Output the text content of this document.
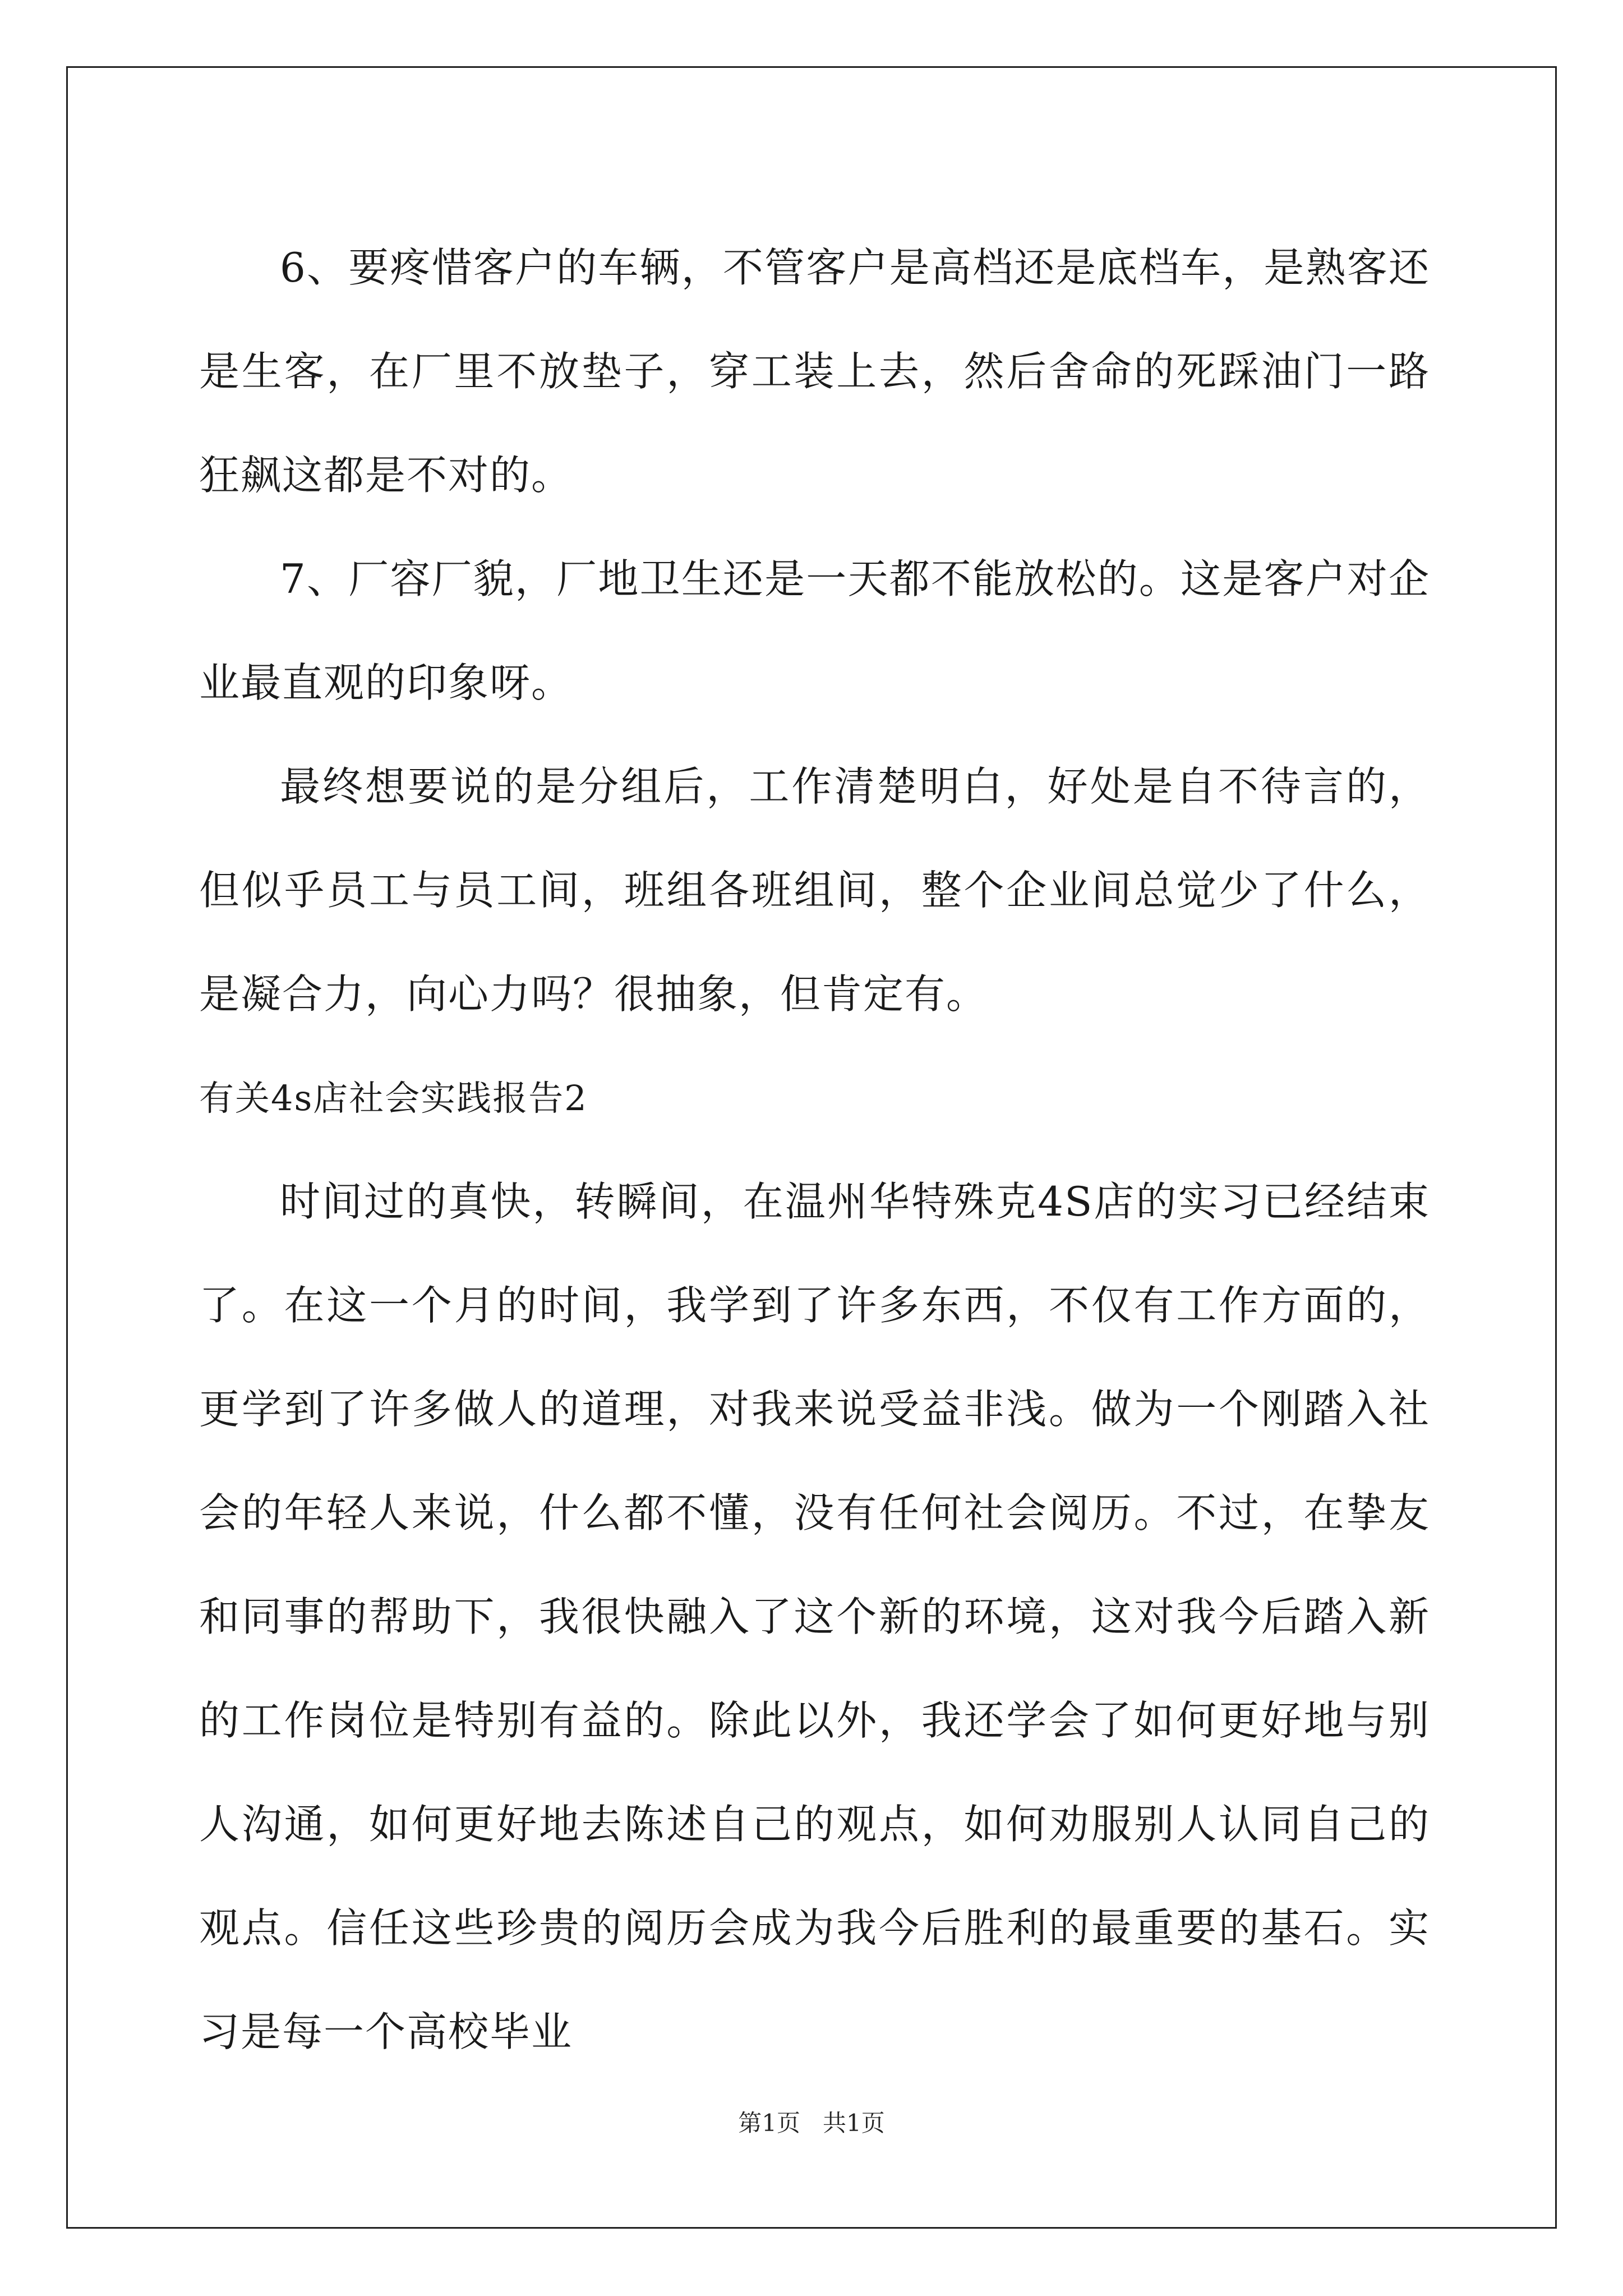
6、要疼惜客户的车辆，不管客户是高档还是底档车，是熟客还是生客，在厂里不放垫子，穿工装上去，然后舍命的死踩油门一路狂飙这都是不对的。

7、厂容厂貌，厂地卫生还是一天都不能放松的。这是客户对企业最直观的印象呀。

最终想要说的是分组后，工作清楚明白，好处是自不待言的，但似乎员工与员工间，班组各班组间，整个企业间总觉少了什么，是凝合力，向心力吗？很抽象，但肯定有。

有关4s店社会实践报告2

时间过的真快，转瞬间，在温州华特殊克4S店的实习已经结束了。在这一个月的时间，我学到了许多东西，不仅有工作方面的，更学到了许多做人的道理，对我来说受益非浅。做为一个刚踏入社会的年轻人来说，什么都不懂，没有任何社会阅历。不过，在挚友和同事的帮助下，我很快融入了这个新的环境，这对我今后踏入新的工作岗位是特别有益的。除此以外，我还学会了如何更好地与别人沟通，如何更好地去陈述自己的观点，如何劝服别人认同自己的观点。信任这些珍贵的阅历会成为我今后胜利的最重要的基石。实习是每一个高校毕业

第1页 共1页
